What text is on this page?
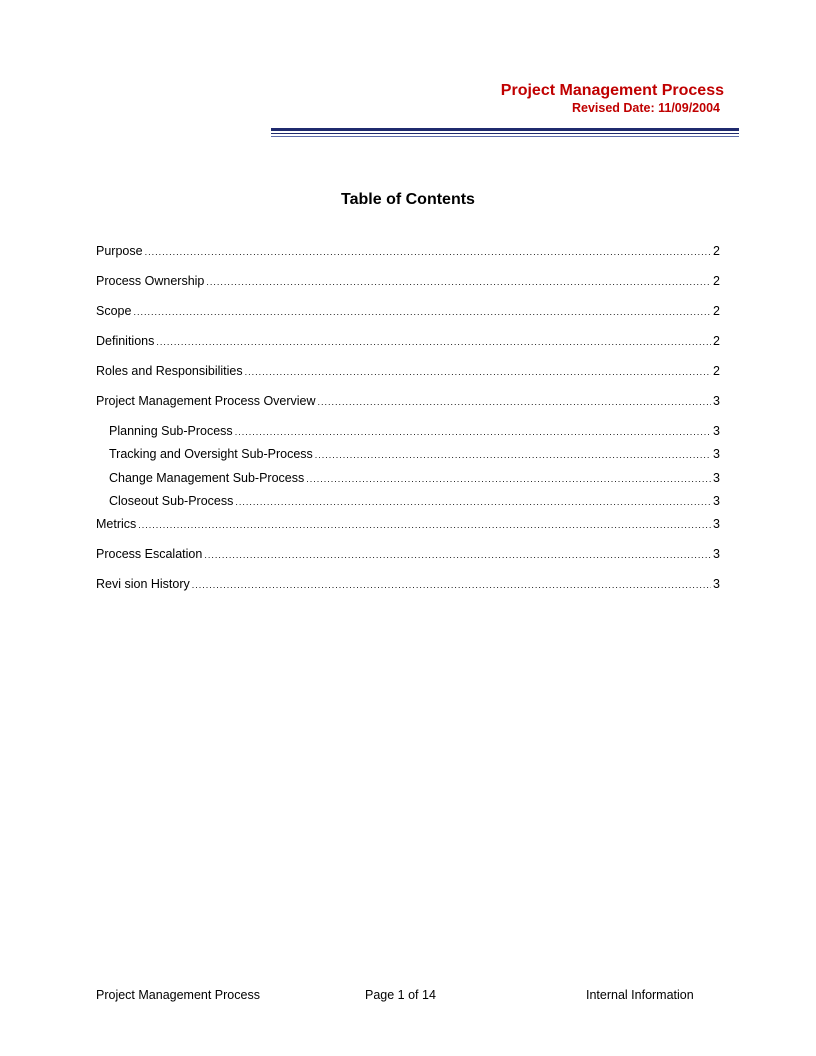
Project Management Process
Revised Date: 11/09/2004
Table of Contents
Purpose .....	2
Process Ownership .....	2
Scope .....	2
Definitions .....	2
Roles and Responsibilities .....	2
Project Management Process Overview .....	3
Planning Sub-Process .....	3
Tracking and Oversight Sub-Process .....	3
Change Management Sub-Process .....	3
Closeout Sub-Process .....	3
Metrics .....	3
Process Escalation .....	3
Revi sion History .....	3
Project Management Process	Page 1 of 14	Internal Information
